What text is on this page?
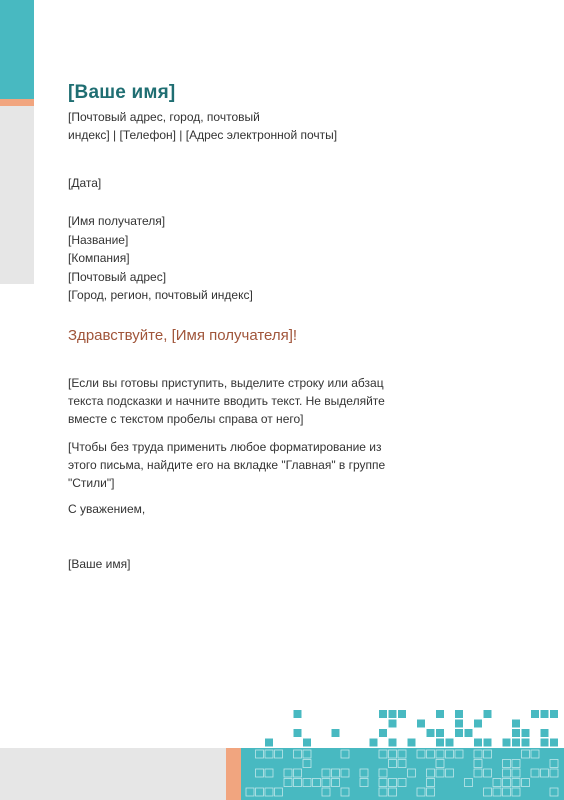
[Ваше имя]
[Почтовый адрес, город, почтовый
индекс] | [Телефон] | [Адрес электронной почты]
[Дата]
[Имя получателя]
[Название]
[Компания]
[Почтовый адрес]
[Город, регион, почтовый индекс]
Здравствуйте, [Имя получателя]!
[Если вы готовы приступить, выделите строку или абзац текста подсказки и начните вводить текст. Не выделяйте вместе с текстом пробелы справа от него]
[Чтобы без труда применить любое форматирование из этого письма, найдите его на вкладке "Главная" в группе "Стили"]
С уважением,
[Ваше имя]
